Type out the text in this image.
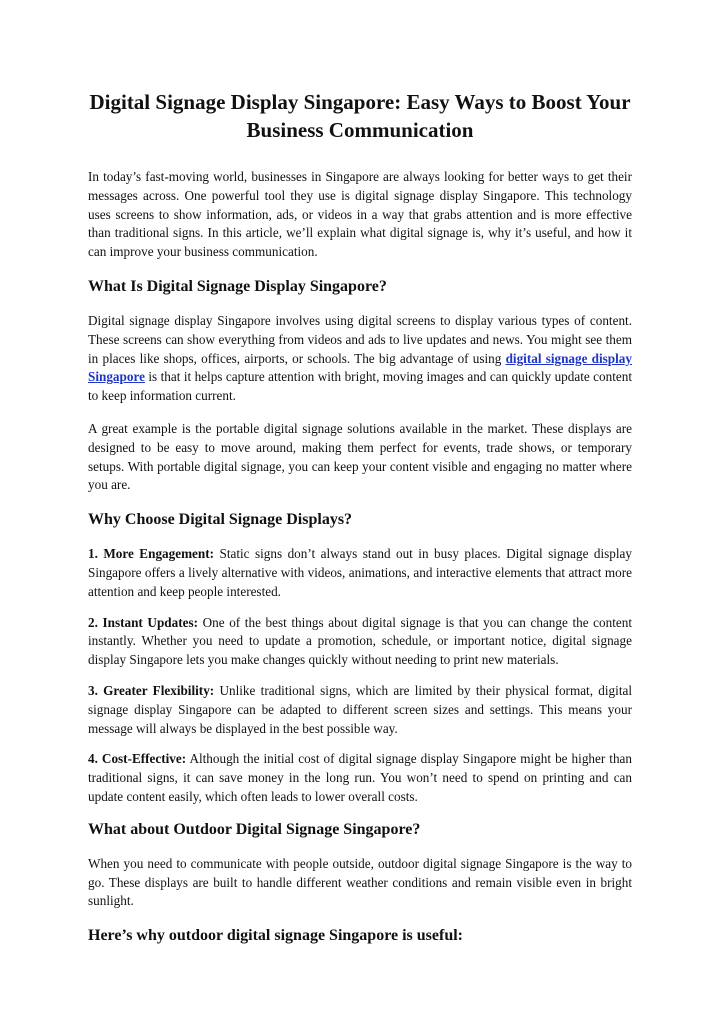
Digital Signage Display Singapore: Easy Ways to Boost Your Business Communication

In today’s fast-moving world, businesses in Singapore are always looking for better ways to get their messages across. One powerful tool they use is digital signage display Singapore. This technology uses screens to show information, ads, or videos in a way that grabs attention and is more effective than traditional signs. In this article, we’ll explain what digital signage is, why it’s useful, and how it can improve your business communication.

What Is Digital Signage Display Singapore?

Digital signage display Singapore involves using digital screens to display various types of content. These screens can show everything from videos and ads to live updates and news. You might see them in places like shops, offices, airports, or schools. The big advantage of using digital signage display Singapore is that it helps capture attention with bright, moving images and can quickly update content to keep information current.

A great example is the portable digital signage solutions available in the market. These displays are designed to be easy to move around, making them perfect for events, trade shows, or temporary setups. With portable digital signage, you can keep your content visible and engaging no matter where you are.

Why Choose Digital Signage Displays?

1. More Engagement: Static signs don’t always stand out in busy places. Digital signage display Singapore offers a lively alternative with videos, animations, and interactive elements that attract more attention and keep people interested.

2. Instant Updates: One of the best things about digital signage is that you can change the content instantly. Whether you need to update a promotion, schedule, or important notice, digital signage display Singapore lets you make changes quickly without needing to print new materials.

3. Greater Flexibility: Unlike traditional signs, which are limited by their physical format, digital signage display Singapore can be adapted to different screen sizes and settings. This means your message will always be displayed in the best possible way.

4. Cost-Effective: Although the initial cost of digital signage display Singapore might be higher than traditional signs, it can save money in the long run. You won’t need to spend on printing and can update content easily, which often leads to lower overall costs.

What about Outdoor Digital Signage Singapore?

When you need to communicate with people outside, outdoor digital signage Singapore is the way to go. These displays are built to handle different weather conditions and remain visible even in bright sunlight.

Here’s why outdoor digital signage Singapore is useful:
